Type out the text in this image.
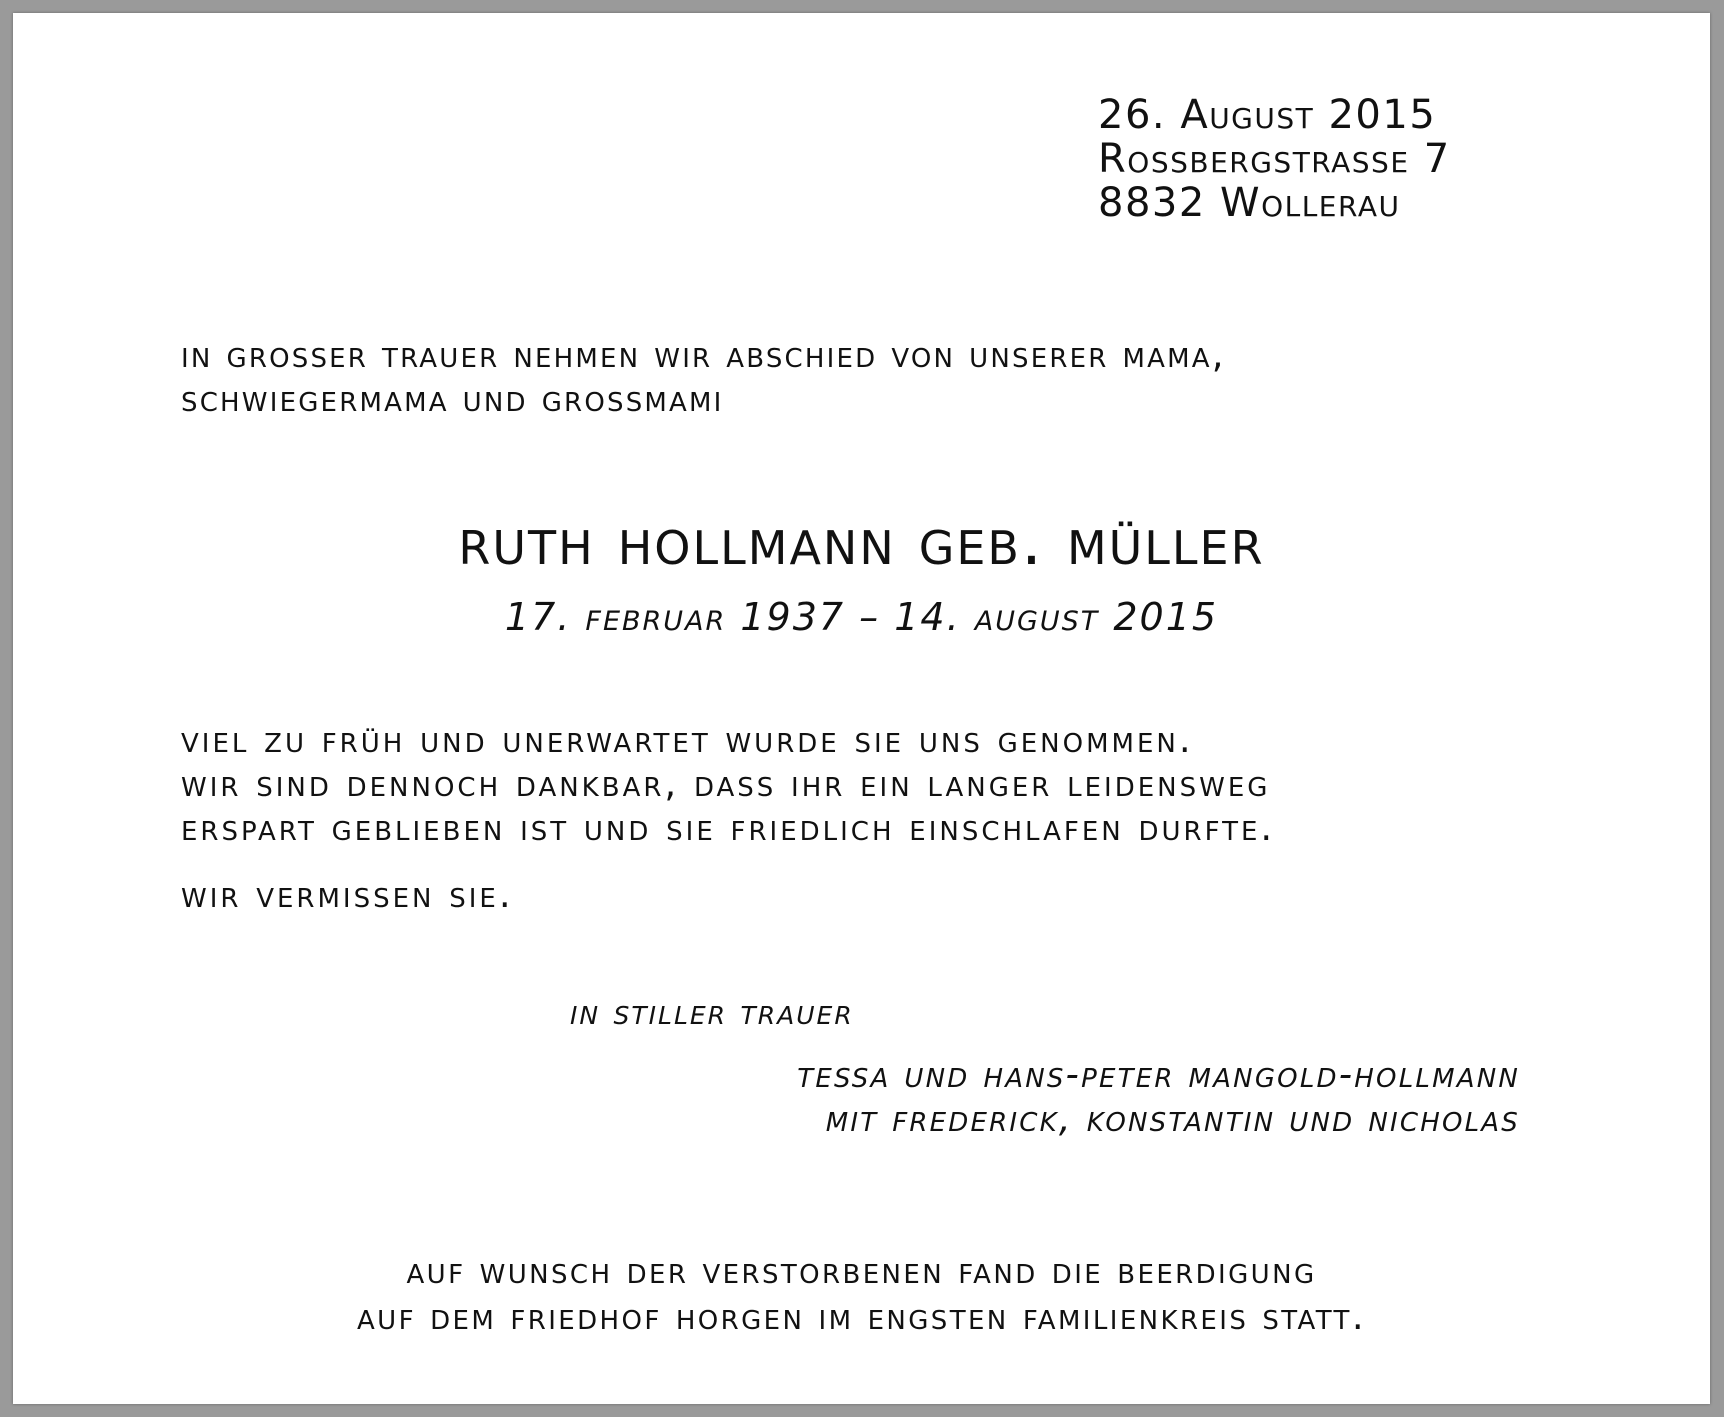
26. August 2015
Rossbergstrasse 7
8832 Wollerau
in grosser trauer nehmen wir abschied von unserer mama,
schwiegermama und grossmami
ruth hollmann geb. müller
17. februar 1937 – 14. august 2015
viel zu früh und unerwartet wurde sie uns genommen.
wir sind dennoch dankbar, dass ihr ein langer leidensweg
erspart geblieben ist und sie friedlich einschlafen durfte.
wir vermissen sie.
in stiller trauer
tessa und hans-peter mangold-hollmann
mit frederick, konstantin und nicholas
auf wunsch der verstorbenen fand die beerdigung
auf dem friedhof horgen im engsten familienkreis statt.
